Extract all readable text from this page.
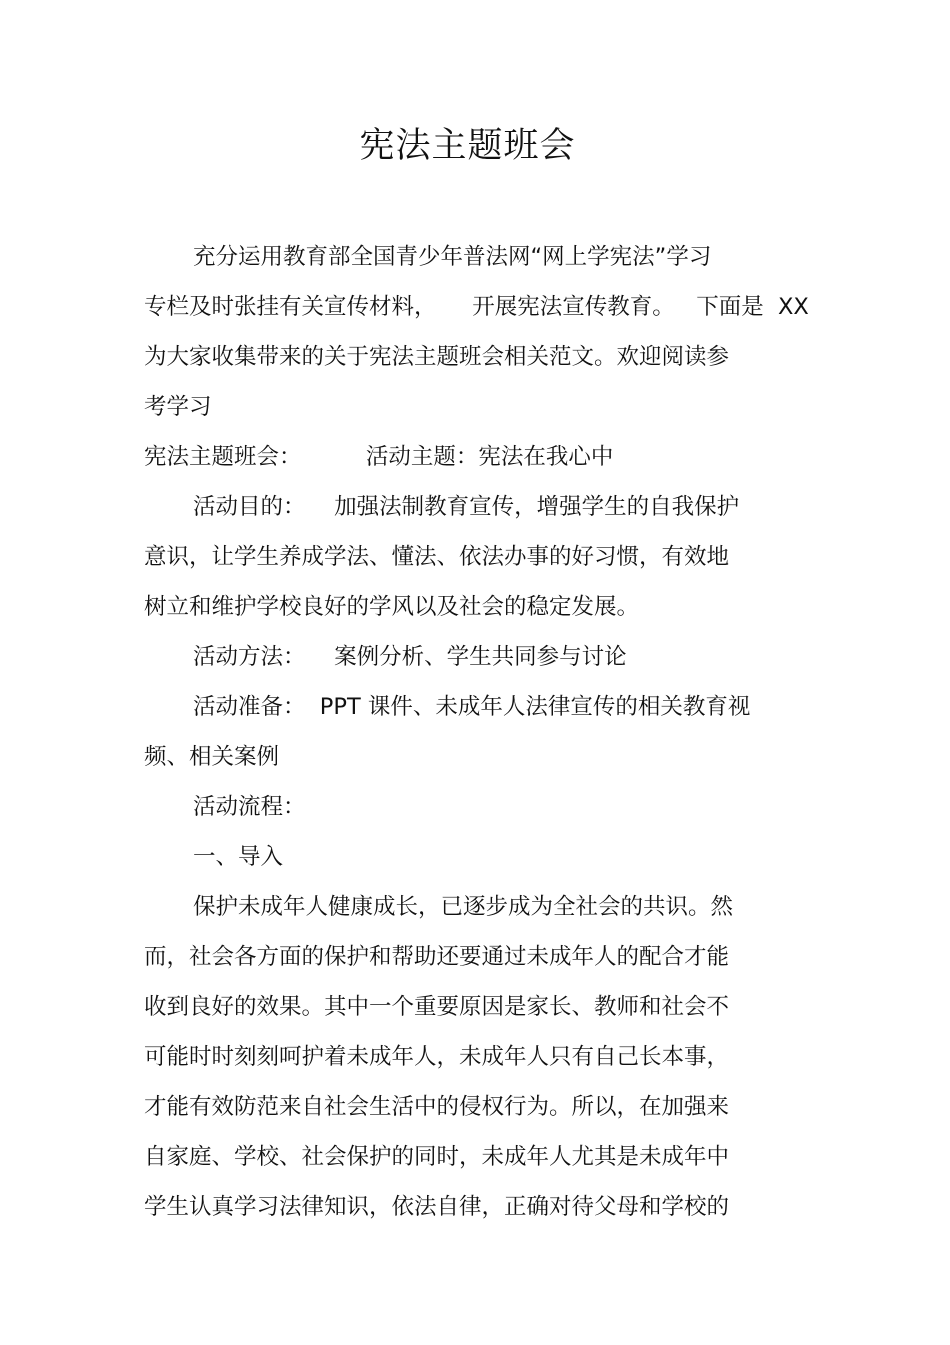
宪法主题班会
充分运用教育部全国青少年普法网“网上学宪法”学习
专栏及时张挂有关宣传材料，     开展宪法宣传教育。   下面是  XX
为大家收集带来的关于宪法主题班会相关范文。欢迎阅读参
考学习
宪法主题班会：         活动主题：宪法在我心中
活动目的：    加强法制教育宣传，增强学生的自我保护
意识，让学生养成学法、懂法、依法办事的好习惯，有效地
树立和维护学校良好的学风以及社会的稳定发展。
活动方法：    案例分析、学生共同参与讨论
活动准备：  PPT 课件、未成年人法律宣传的相关教育视
频、相关案例
活动流程：
一、导入
保护未成年人健康成长，已逐步成为全社会的共识。然
而，社会各方面的保护和帮助还要通过未成年人的配合才能
收到良好的效果。其中一个重要原因是家长、教师和社会不
可能时时刻刻呵护着未成年人，未成年人只有自己长本事，
才能有效防范来自社会生活中的侵权行为。所以，在加强来
自家庭、学校、社会保护的同时，未成年人尤其是未成年中
学生认真学习法律知识，依法自律，正确对待父母和学校的
